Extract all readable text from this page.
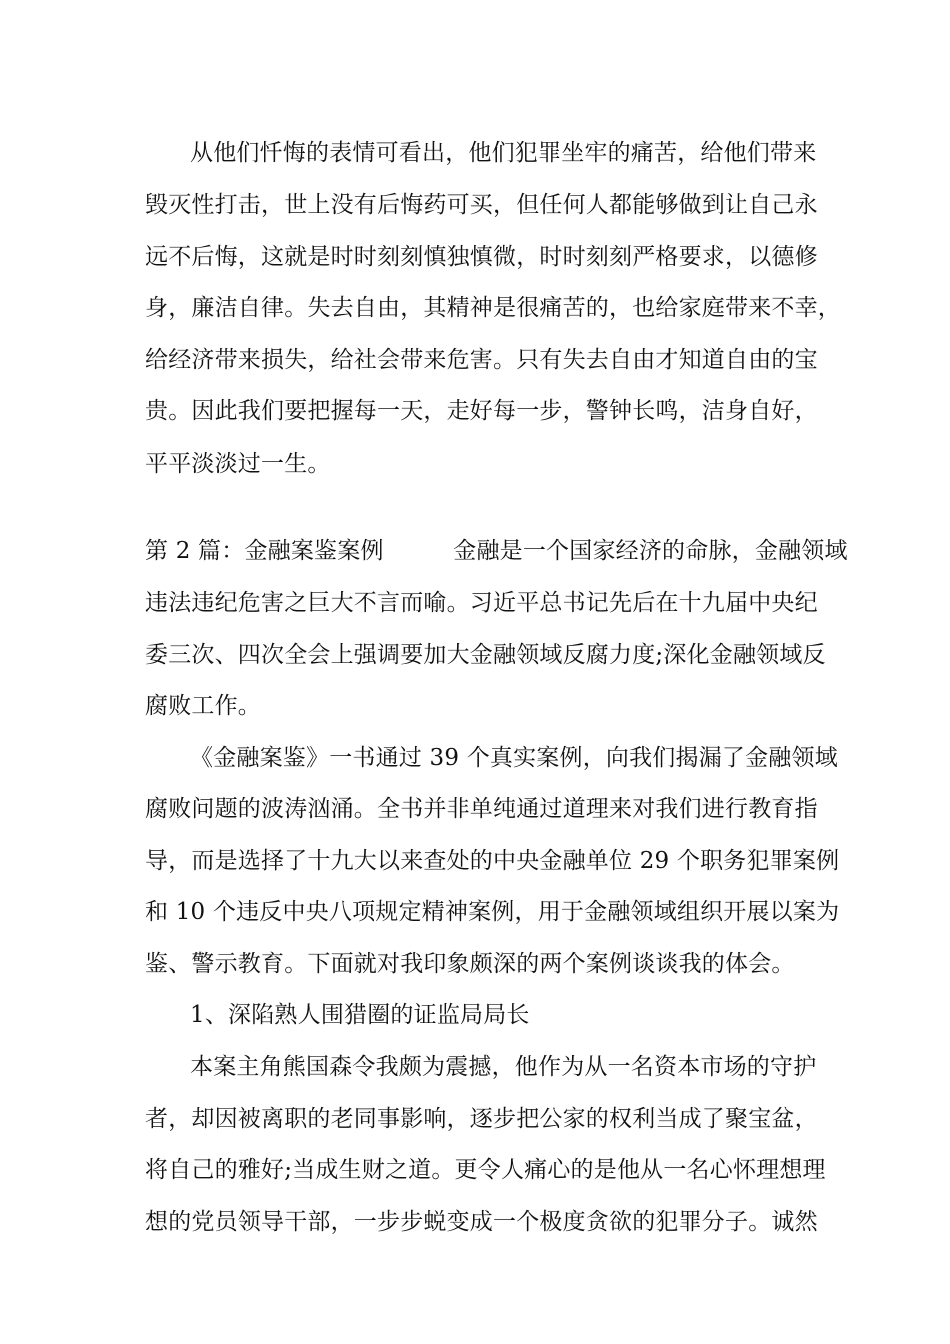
从他们忏悔的表情可看出，他们犯罪坐牢的痛苦，给他们带来
毁灭性打击，世上没有后悔药可买，但任何人都能够做到让自己永
远不后悔，这就是时时刻刻慎独慎微，时时刻刻严格要求，以德修
身，廉洁自律。失去自由，其精神是很痛苦的，也给家庭带来不幸，
给经济带来损失，给社会带来危害。只有失去自由才知道自由的宝
贵。因此我们要把握每一天，走好每一步，警钟长鸣，洁身自好，
平平淡淡过一生。
第 2 篇：金融案鉴案例　　　金融是一个国家经济的命脉，金融领域
违法违纪危害之巨大不言而喻。习近平总书记先后在十九届中央纪
委三次、四次全会上强调要加大金融领域反腐力度;深化金融领域反
腐败工作。
《金融案鉴》一书通过 39 个真实案例，向我们揭漏了金融领域
腐败问题的波涛汹涌。全书并非单纯通过道理来对我们进行教育指
导，而是选择了十九大以来查处的中央金融单位 29 个职务犯罪案例
和 10 个违反中央八项规定精神案例，用于金融领域组织开展以案为
鉴、警示教育。下面就对我印象颇深的两个案例谈谈我的体会。
1、深陷熟人围猎圈的证监局局长
本案主角熊国森令我颇为震撼，他作为从一名资本市场的守护
者，却因被离职的老同事影响，逐步把公家的权利当成了聚宝盆，
将自己的雅好;当成生财之道。更令人痛心的是他从一名心怀理想理
想的党员领导干部，一步步蜕变成一个极度贪欲的犯罪分子。诚然
